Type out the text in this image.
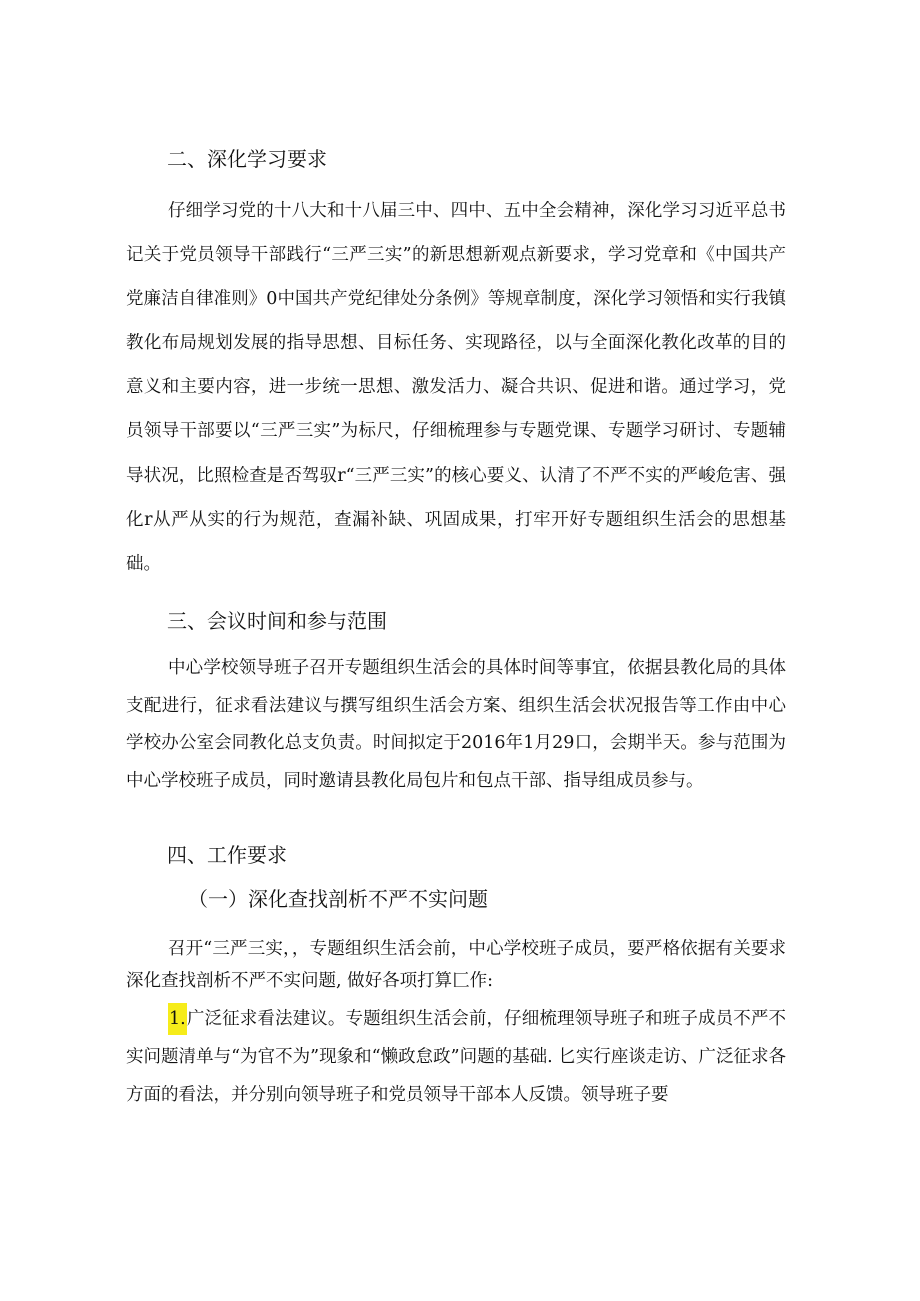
二、深化学习要求

仔细学习党的十八大和十八届三中、四中、五中全会精神，深化学习习近平总书记关于党员领导干部践行“三严三实”的新思想新观点新要求，学习党章和《中国共产党廉洁自律准则》0中国共产党纪律处分条例》等规章制度，深化学习领悟和实行我镇教化布局规划发展的指导思想、目标任务、实现路径，以与全面深化教化改革的目的意义和主要内容，进一步统一思想、激发活力、凝合共识、促进和谐。通过学习，党员领导干部要以“三严三实”为标尺，仔细梳理参与专题党课、专题学习研讨、专题辅导状况，比照检查是否驾驭r“三严三实”的核心要义、认清了不严不实的严峻危害、强化r从严从实的行为规范，查漏补缺、巩固成果，打牢开好专题组织生活会的思想基础。

三、会议时间和参与范围

中心学校领导班子召开专题组织生活会的具体时间等事宜，依据县教化局的具体支配进行，征求看法建议与撰写组织生活会方案、组织生活会状况报告等工作由中心学校办公室会同教化总支负责。时间拟定于2016年1月29口，会期半天。参与范围为中心学校班子成员，同时邀请县教化局包片和包点干部、指导组成员参与。

四、工作要求
（一）深化查找剖析不严不实问题

召开“三严三实，，专题组织生活会前，中心学校班子成员，要严格依据有关要求深化查找剖析不严不实问题, 做好各项打算匚作:

1.广泛征求看法建议。专题组织生活会前，仔细梳理领导班子和班子成员不严不实问题清单与“为官不为”现象和“懒政怠政”问题的基础. 匕实行座谈走访、广泛征求各方面的看法，并分别向领导班子和党员领导干部本人反馈。领导班子要
